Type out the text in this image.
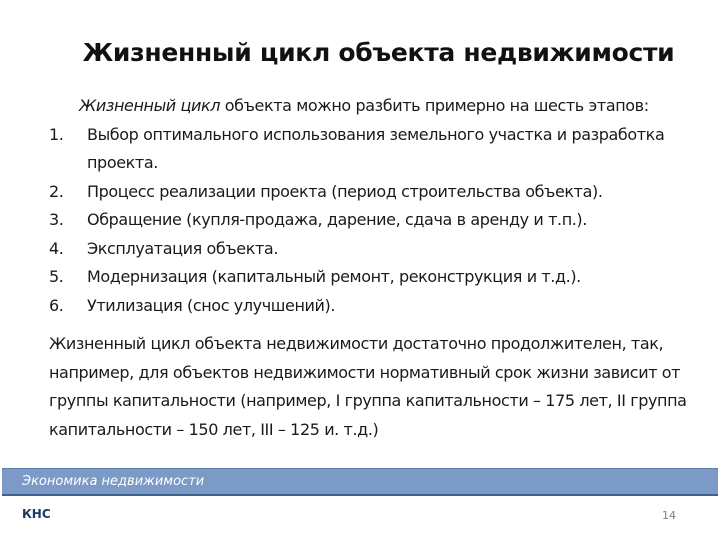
Жизненный цикл объекта недвижимости

Жизненный цикл объекта можно разбить примерно на шесть этапов:

1.	Выбор оптимального использования земельного участка и разработка проекта.
2.	Процесс реализации проекта (период строительства объекта).
3.	Обращение (купля-продажа, дарение, сдача в аренду и т.п.).
4.	Эксплуатация объекта.
5.	Модернизация (капитальный ремонт, реконструкция и т.д.).
6.	Утилизация (снос улучшений).

Жизненный цикл объекта недвижимости достаточно продолжителен, так, например, для объектов недвижимости нормативный срок жизни зависит от группы капитальности (например, I группа капитальности – 175 лет, II группа капитальности – 150 лет, III – 125 и. т.д.)

Экономика недвижимости
КНС	14
